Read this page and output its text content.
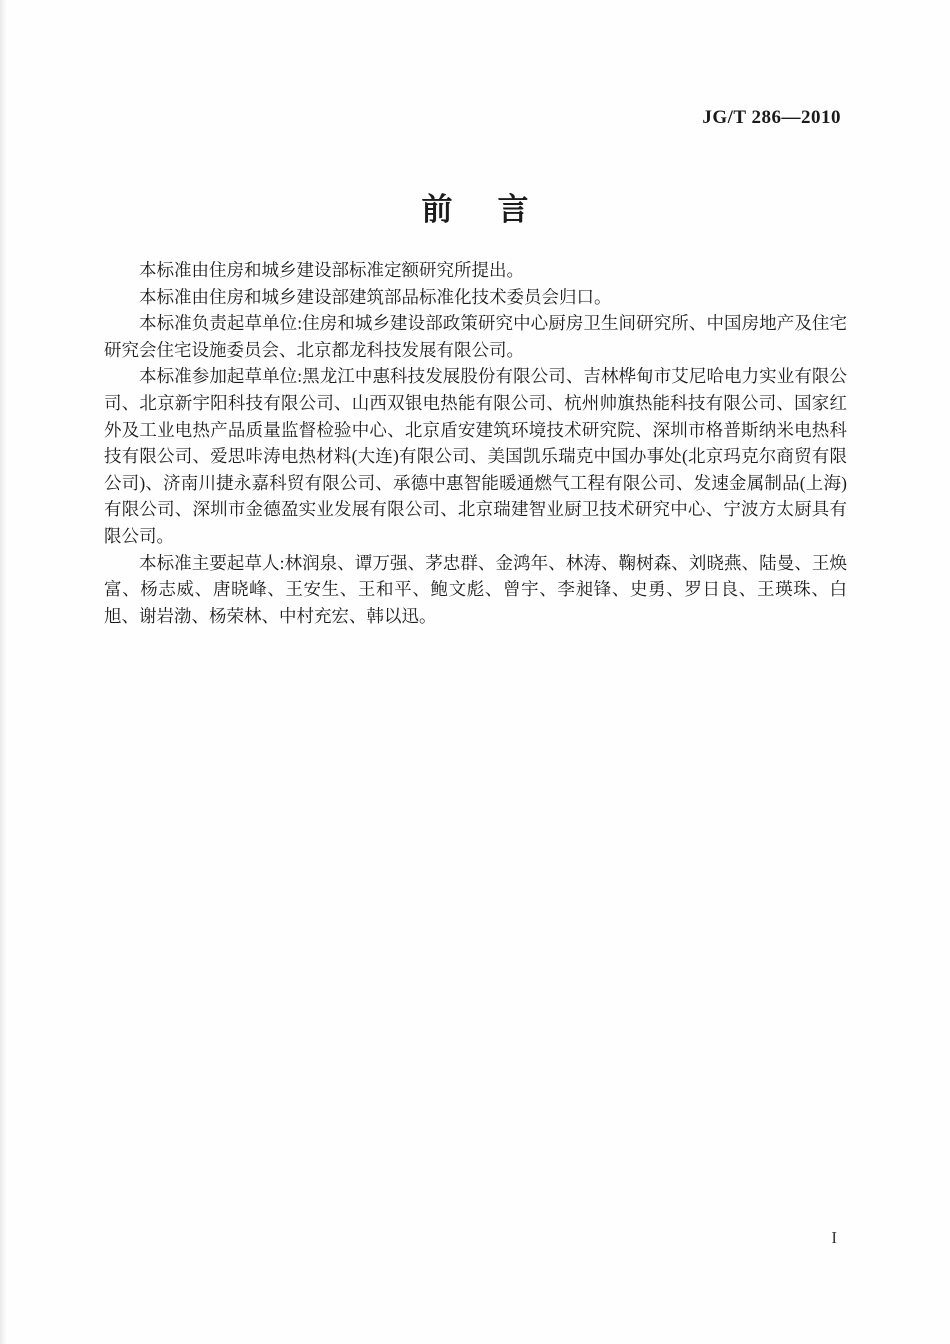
JG/T 286—2010
前言

本标准由住房和城乡建设部标准定额研究所提出。

本标准由住房和城乡建设部建筑部品标准化技术委员会归口。

本标准负责起草单位:住房和城乡建设部政策研究中心厨房卫生间研究所、中国房地产及住宅研究会住宅设施委员会、北京都龙科技发展有限公司。

本标准参加起草单位:黑龙江中惠科技发展股份有限公司、吉林桦甸市艾尼哈电力实业有限公司、北京新宇阳科技有限公司、山西双银电热能有限公司、杭州帅旗热能科技有限公司、国家红外及工业电热产品质量监督检验中心、北京盾安建筑环境技术研究院、深圳市格普斯纳米电热科技有限公司、爱思咔涛电热材料(大连)有限公司、美国凯乐瑞克中国办事处(北京玛克尔商贸有限公司)、济南川捷永嘉科贸有限公司、承德中惠智能暖通燃气工程有限公司、发速金属制品(上海)有限公司、深圳市金德盈实业发展有限公司、北京瑞建智业厨卫技术研究中心、宁波方太厨具有限公司。

本标准主要起草人:林润泉、谭万强、茅忠群、金鸿年、林涛、鞠树森、刘晓燕、陆曼、王焕富、杨志威、唐晓峰、王安生、王和平、鲍文彪、曾宇、李昶锋、史勇、罗日良、王瑛珠、白旭、谢岩渤、杨荣林、中村充宏、韩以迅。

I
